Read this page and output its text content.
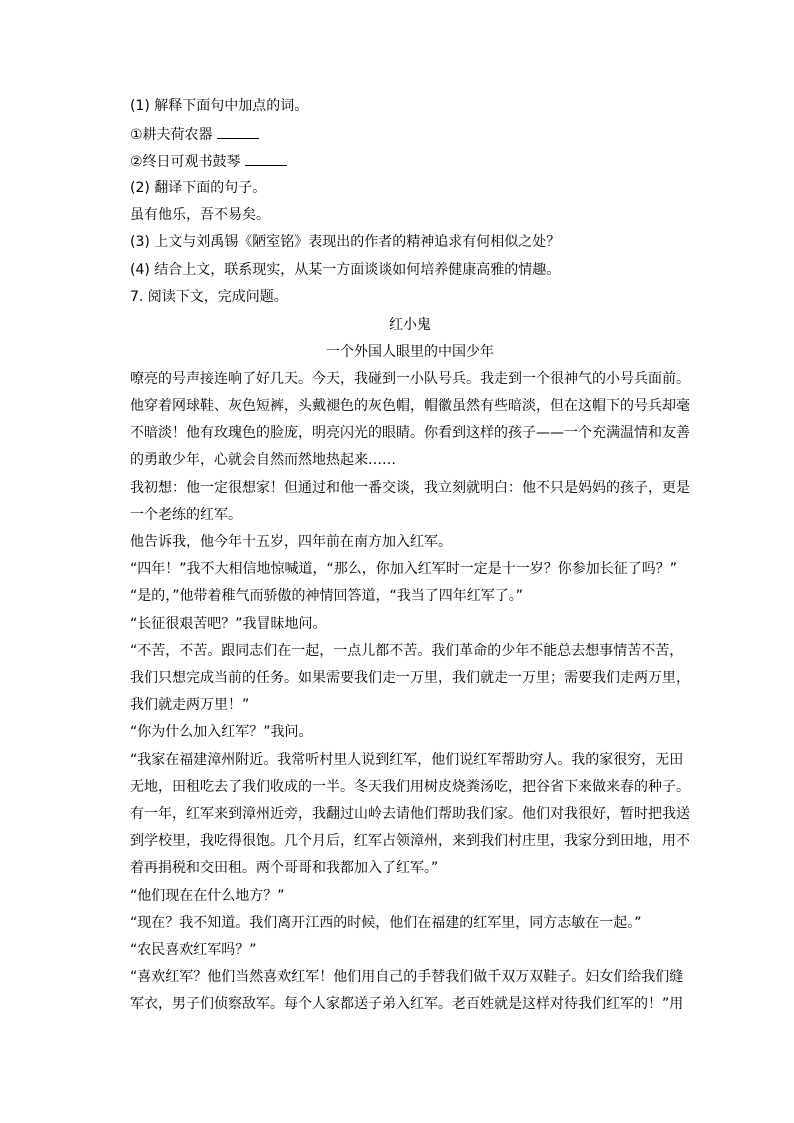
(1) 解释下面句中加点的词。
①耕夫荷农器
②终日可观书鼓琴
(2) 翻译下面的句子。
虽有他乐，吾不易矣。
(3) 上文与刘禹锡《陋室铭》表现出的作者的精神追求有何相似之处？
(4) 结合上文，联系现实，从某一方面谈谈如何培养健康高雅的情趣。
7. 阅读下文，完成问题。
红小鬼
一个外国人眼里的中国少年
嘹亮的号声接连响了好几天。今天，我碰到一小队号兵。我走到一个很神气的小号兵面前。
他穿着网球鞋、灰色短裤，头戴褪色的灰色帽，帽徽虽然有些暗淡，但在这帽下的号兵却毫
不暗淡！他有玫瑰色的脸庞，明亮闪光的眼睛。你看到这样的孩子——一个充满温情和友善
的勇敢少年，心就会自然而然地热起来……
我初想：他一定很想家！但通过和他一番交谈，我立刻就明白：他不只是妈妈的孩子，更是
一个老练的红军。
他告诉我，他今年十五岁，四年前在南方加入红军。
“四年！”我不大相信地惊喊道，“那么，你加入红军时一定是十一岁？你参加长征了吗？”
“是的，”他带着稚气而骄傲的神情回答道，“我当了四年红军了。”
“长征很艰苦吧？”我冒昧地问。
“不苦，不苦。跟同志们在一起，一点儿都不苦。我们革命的少年不能总去想事情苦不苦，
我们只想完成当前的任务。如果需要我们走一万里，我们就走一万里；需要我们走两万里，
我们就走两万里！”
“你为什么加入红军？”我问。
“我家在福建漳州附近。我常听村里人说到红军，他们说红军帮助穷人。我的家很穷，无田
无地，田租吃去了我们收成的一半。冬天我们用树皮烧粪汤吃，把谷省下来做来春的种子。
有一年，红军来到漳州近旁，我翻过山岭去请他们帮助我们家。他们对我很好，暂时把我送
到学校里，我吃得很饱。几个月后，红军占领漳州，来到我们村庄里，我家分到田地，用不
着再捐税和交田租。两个哥哥和我都加入了红军。”
“他们现在在什么地方？”
“现在？我不知道。我们离开江西的时候，他们在福建的红军里，同方志敏在一起。”
“农民喜欢红军吗？”
“喜欢红军？他们当然喜欢红军！他们用自己的手替我们做千双万双鞋子。妇女们给我们缝
军衣，男子们侦察敌军。每个人家都送子弟入红军。老百姓就是这样对待我们红军的！”用
